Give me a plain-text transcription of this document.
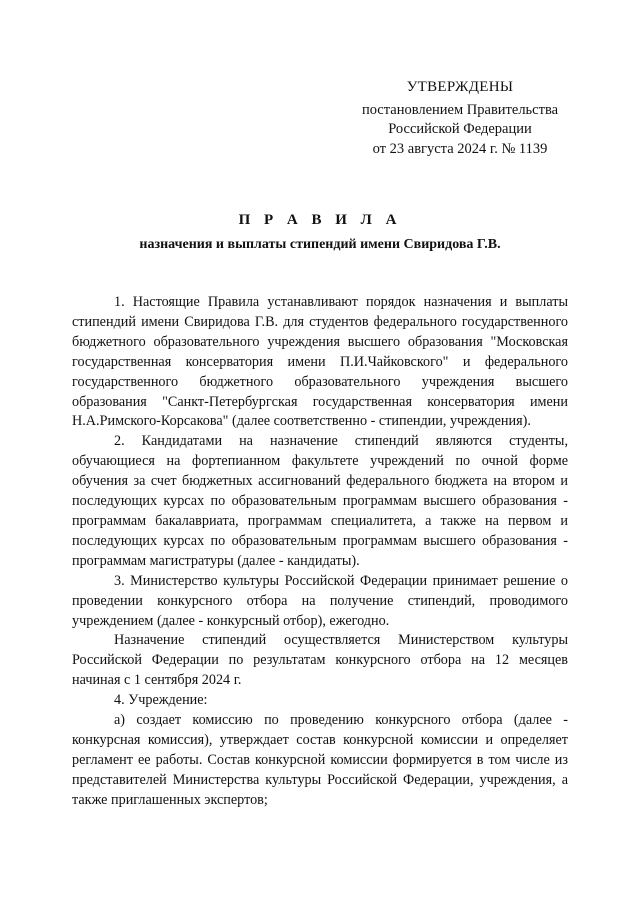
УТВЕРЖДЕНЫ
постановлением Правительства
Российской Федерации
от 23 августа 2024 г. № 1139
П Р А В И Л А
назначения и выплаты стипендий имени Свиридова Г.В.

1. Настоящие Правила устанавливают порядок назначения и выплаты стипендий имени Свиридова Г.В. для студентов федерального государственного бюджетного образовательного учреждения высшего образования "Московская государственная консерватория имени П.И.Чайковского" и федерального государственного бюджетного образовательного учреждения высшего образования "Санкт-Петербургская государственная консерватория имени Н.А.Римского-Корсакова" (далее соответственно - стипендии, учреждения).

2. Кандидатами на назначение стипендий являются студенты, обучающиеся на фортепианном факультете учреждений по очной форме обучения за счет бюджетных ассигнований федерального бюджета на втором и последующих курсах по образовательным программам высшего образования - программам бакалавриата, программам специалитета, а также на первом и последующих курсах по образовательным программам высшего образования - программам магистратуры (далее - кандидаты).

3. Министерство культуры Российской Федерации принимает решение о проведении конкурсного отбора на получение стипендий, проводимого учреждением (далее - конкурсный отбор), ежегодно.

Назначение стипендий осуществляется Министерством культуры Российской Федерации по результатам конкурсного отбора на 12 месяцев начиная с 1 сентября 2024 г.

4. Учреждение:

а) создает комиссию по проведению конкурсного отбора (далее - конкурсная комиссия), утверждает состав конкурсной комиссии и определяет регламент ее работы. Состав конкурсной комиссии формируется в том числе из представителей Министерства культуры Российской Федерации, учреждения, а также приглашенных экспертов;
